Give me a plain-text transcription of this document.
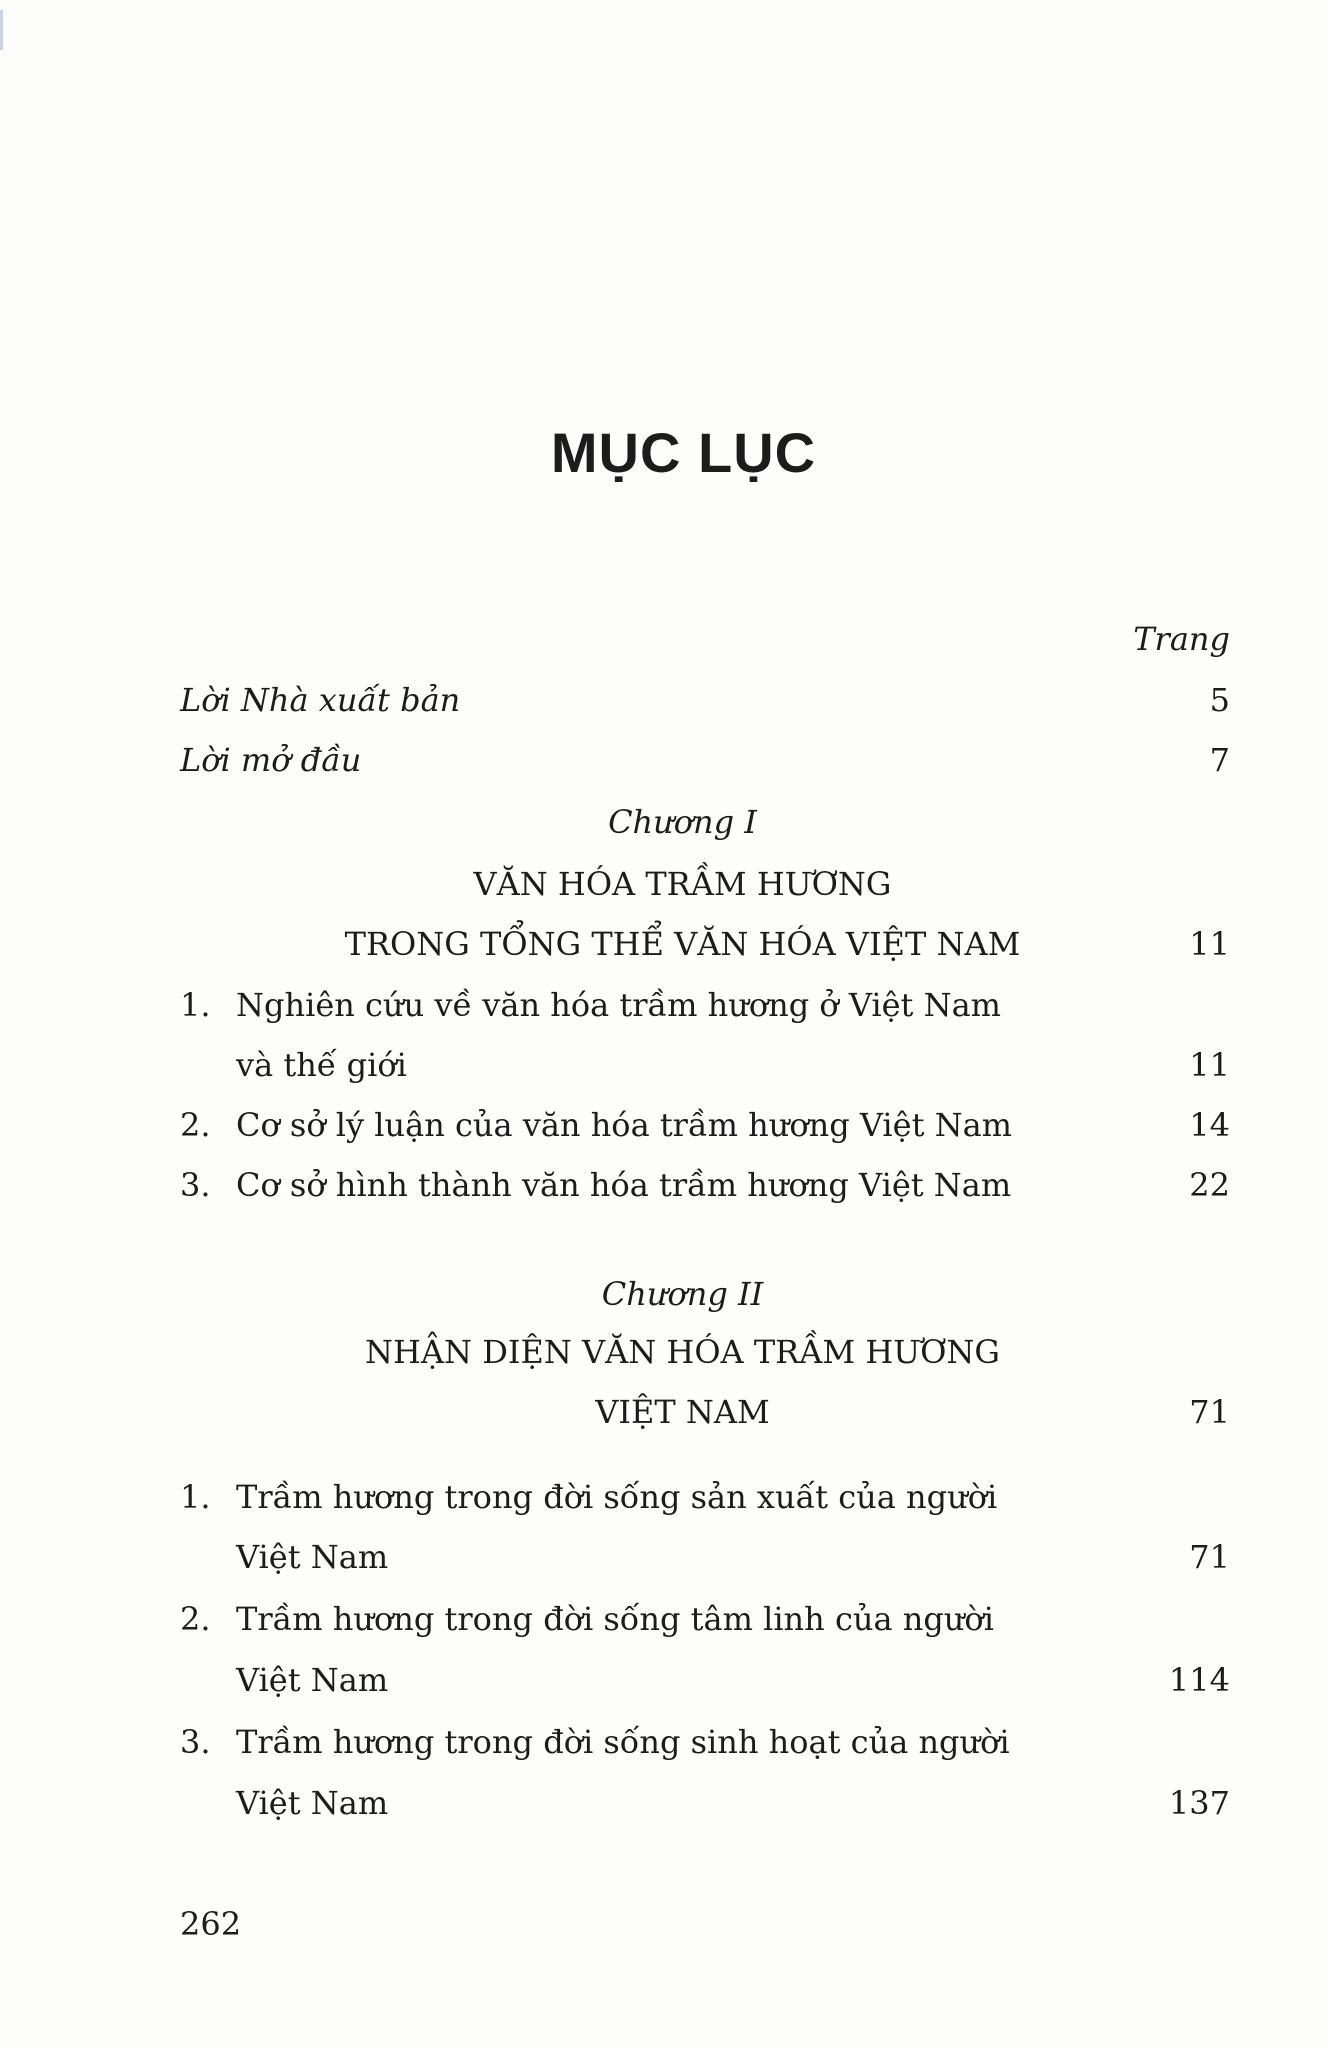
MỤC LỤC
Trang
Lời Nhà xuất bản	5
Lời mở đầu	7
Chương I
VĂN HÓA TRẦM HƯƠNG
TRONG TỔNG THỂ VĂN HÓA VIỆT NAM	11
1. Nghiên cứu về văn hóa trầm hương ở Việt Nam
và thế giới	11
2. Cơ sở lý luận của văn hóa trầm hương Việt Nam	14
3. Cơ sở hình thành văn hóa trầm hương Việt Nam	22
Chương II
NHẬN DIỆN VĂN HÓA TRẦM HƯƠNG
VIỆT NAM	71
1. Trầm hương trong đời sống sản xuất của người
Việt Nam	71
2. Trầm hương trong đời sống tâm linh của người
Việt Nam	114
3. Trầm hương trong đời sống sinh hoạt của người
Việt Nam	137
262
